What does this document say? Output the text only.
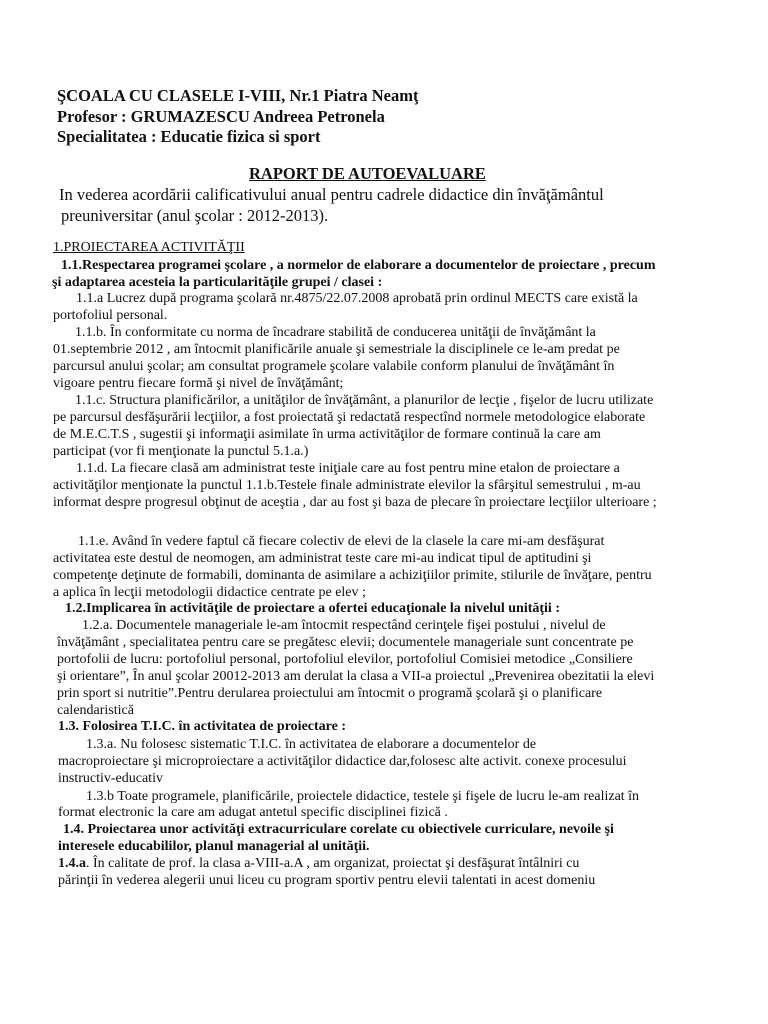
ŞCOALA CU CLASELE I-VIII, Nr.1 Piatra Neamţ

Profesor : GRUMAZESCU Andreea Petronela

Specialitatea : Educatie fizica si sport

RAPORT DE AUTOEVALUARE

In vederea acordării calificativului anual pentru cadrele didactice din învăţământul

preuniversitar (anul şcolar : 2012-2013).

1.PROIECTAREA ACTIVITĂŢII

1.1.Respectarea programei şcolare , a normelor de elaborare a documentelor de proiectare , precum

şi adaptarea acesteia la particularităţile grupei / clasei :

1.1.a Lucrez după programa şcolară nr.4875/22.07.2008 aprobată prin ordinul MECTS care există la

portofoliul personal.

1.1.b. În conformitate cu norma de încadrare stabilită de conducerea unităţii de învăţământ la

01.septembrie 2012 , am întocmit planificările anuale şi semestriale la disciplinele ce le-am predat pe

parcursul anului şcolar; am consultat programele şcolare valabile conform planului de învăţământ în

vigoare pentru fiecare formă şi nivel de învăţământ;

1.1.c. Structura planificărilor, a unităţilor de învăţământ, a planurilor de lecţie , fişelor de lucru utilizate

pe parcursul desfăşurării lecţiilor, a fost proiectată şi redactată respectînd normele metodologice elaborate

de M.E.C.T.S , sugestii şi informaţii asimilate în urma activităţilor de formare continuă la care am

participat (vor fi menţionate la punctul 5.1.a.)

1.1.d. La fiecare clasă am administrat teste iniţiale care au fost pentru mine etalon de proiectare a

activităţilor menţionate la punctul 1.1.b.Testele finale administrate elevilor la sfârşitul semestrului , m-au

informat despre progresul obţinut de aceştia , dar au fost şi baza de plecare în proiectare lecţiilor ulterioare ;

1.1.e. Având în vedere faptul că fiecare colectiv de elevi de la clasele la care mi-am desfăşurat

activitatea este destul de neomogen, am administrat teste care mi-au indicat tipul de aptitudini şi

competenţe deţinute de formabili, dominanta de asimilare a achiziţiilor primite, stilurile de învăţare, pentru

a aplica în lecţii metodologii didactice centrate pe elev ;

1.2.Implicarea în activităţile de proiectare a ofertei educaţionale la nivelul unităţii :

1.2.a. Documentele manageriale le-am întocmit respectând cerinţele fişei postului , nivelul de

învăţământ , specialitatea pentru care se pregătesc elevii; documentele manageriale sunt concentrate pe

portofolii de lucru: portofoliul personal, portofoliul elevilor, portofoliul Comisiei metodice „Consiliere

şi orientare”, În anul şcolar 20012-2013 am derulat la clasa a VII-a proiectul „Prevenirea obezitatii la elevi

prin sport si nutritie”.Pentru derularea proiectului am întocmit o programă şcolară şi o planificare

calendaristică

1.3. Folosirea T.I.C. în activitatea de proiectare :

1.3.a. Nu folosesc sistematic T.I.C. în activitatea de elaborare a documentelor de

macroproiectare şi microproiectare a activităţilor didactice dar,folosesc alte activit. conexe procesului

instructiv-educativ

1.3.b Toate programele, planificările, proiectele didactice, testele şi fişele de lucru le-am realizat în

format electronic la care am adugat antetul specific disciplinei fizică .

1.4. Proiectarea unor activităţi extracurriculare corelate cu obiectivele curriculare, nevoile şi

interesele educabililor, planul managerial al unităţii.

1.4.a. În calitate de prof. la clasa a-VIII-a.A , am organizat, proiectat şi desfăşurat întâlniri cu

părinţii în vederea alegerii unui liceu cu program sportiv pentru elevii talentati in acest domeniu
